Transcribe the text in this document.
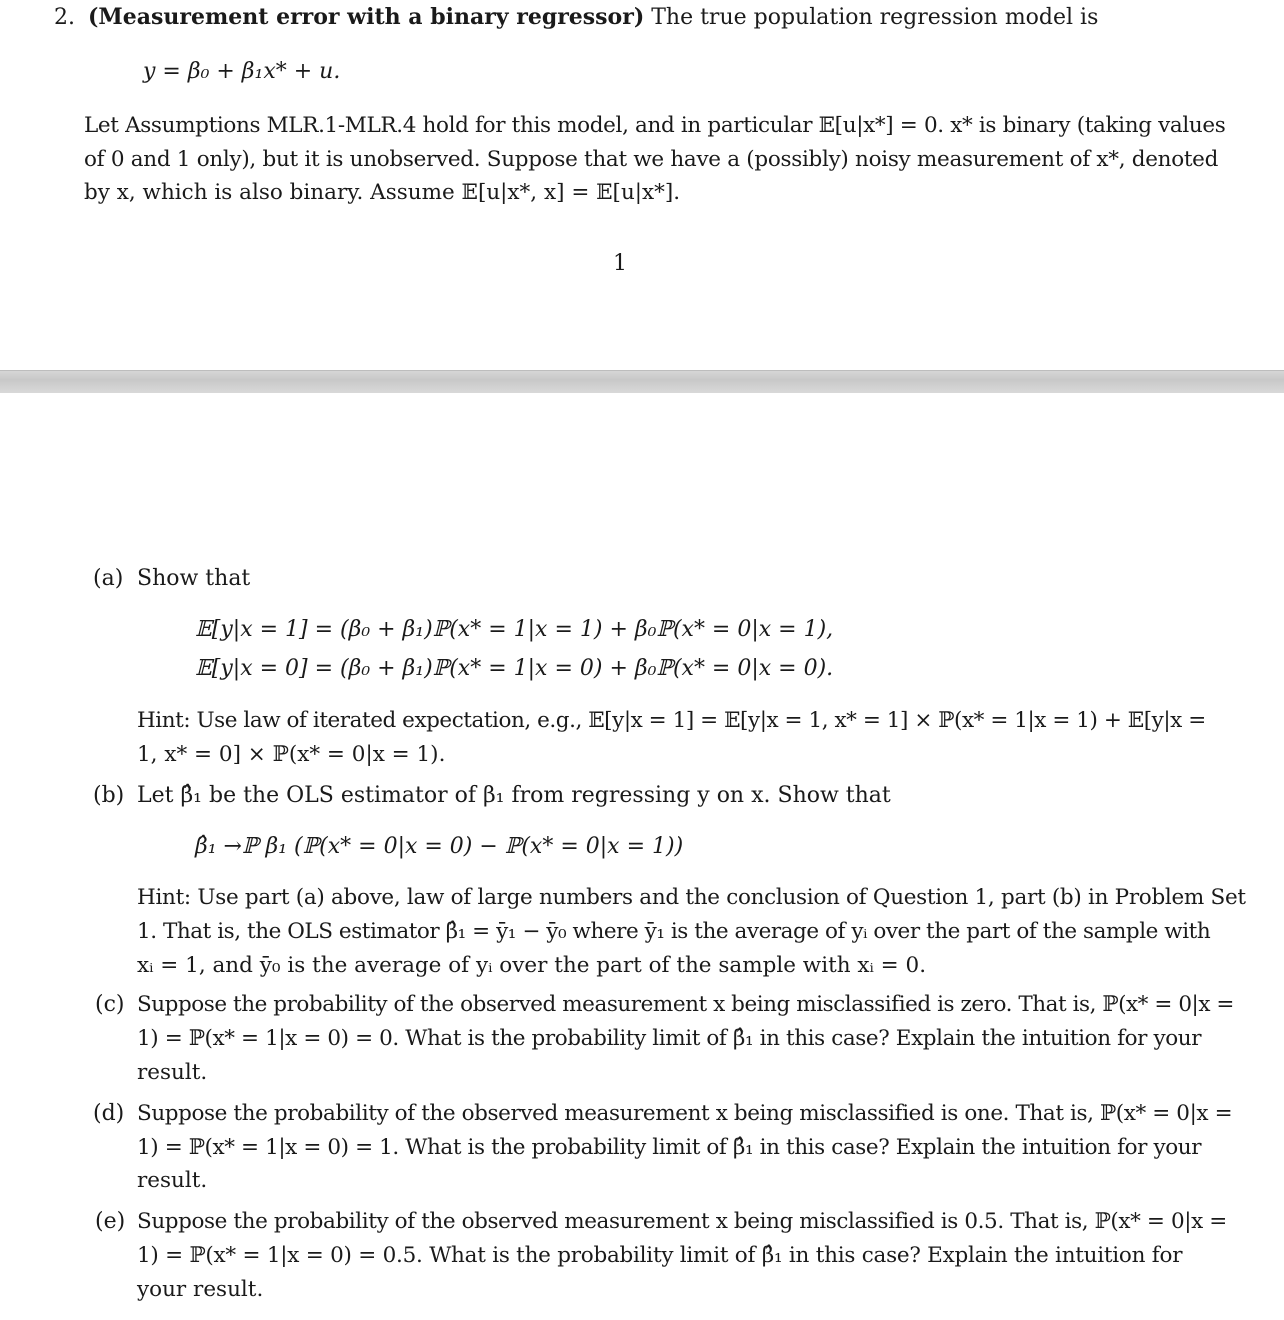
2. (Measurement error with a binary regressor) The true population regression model is
y = β₀ + β₁x* + u.
Let Assumptions MLR.1-MLR.4 hold for this model, and in particular 𝔼[u|x*] = 0. x* is binary (taking values
of 0 and 1 only), but it is unobserved. Suppose that we have a (possibly) noisy measurement of x*, denoted
by x, which is also binary. Assume 𝔼[u|x*, x] = 𝔼[u|x*].
1
(a) Show that
𝔼[y|x = 1] = (β₀ + β₁)ℙ(x* = 1|x = 1) + β₀ℙ(x* = 0|x = 1),
𝔼[y|x = 0] = (β₀ + β₁)ℙ(x* = 1|x = 0) + β₀ℙ(x* = 0|x = 0).
Hint: Use law of iterated expectation, e.g., 𝔼[y|x = 1] = 𝔼[y|x = 1, x* = 1] × ℙ(x* = 1|x = 1) + 𝔼[y|x =
1, x* = 0] × ℙ(x* = 0|x = 1).
(b) Let β̂₁ be the OLS estimator of β₁ from regressing y on x. Show that
β̂₁ →ℙ β₁ (ℙ(x* = 0|x = 0) − ℙ(x* = 0|x = 1))
Hint: Use part (a) above, law of large numbers and the conclusion of Question 1, part (b) in Problem Set
1. That is, the OLS estimator β̂₁ = ȳ₁ − ȳ₀ where ȳ₁ is the average of yᵢ over the part of the sample with
xᵢ = 1, and ȳ₀ is the average of yᵢ over the part of the sample with xᵢ = 0.
(c) Suppose the probability of the observed measurement x being misclassified is zero. That is, ℙ(x* = 0|x =
1) = ℙ(x* = 1|x = 0) = 0. What is the probability limit of β̂₁ in this case? Explain the intuition for your
result.
(d) Suppose the probability of the observed measurement x being misclassified is one. That is, ℙ(x* = 0|x =
1) = ℙ(x* = 1|x = 0) = 1. What is the probability limit of β̂₁ in this case? Explain the intuition for your
result.
(e) Suppose the probability of the observed measurement x being misclassified is 0.5. That is, ℙ(x* = 0|x =
1) = ℙ(x* = 1|x = 0) = 0.5. What is the probability limit of β̂₁ in this case? Explain the intuition for
your result.
